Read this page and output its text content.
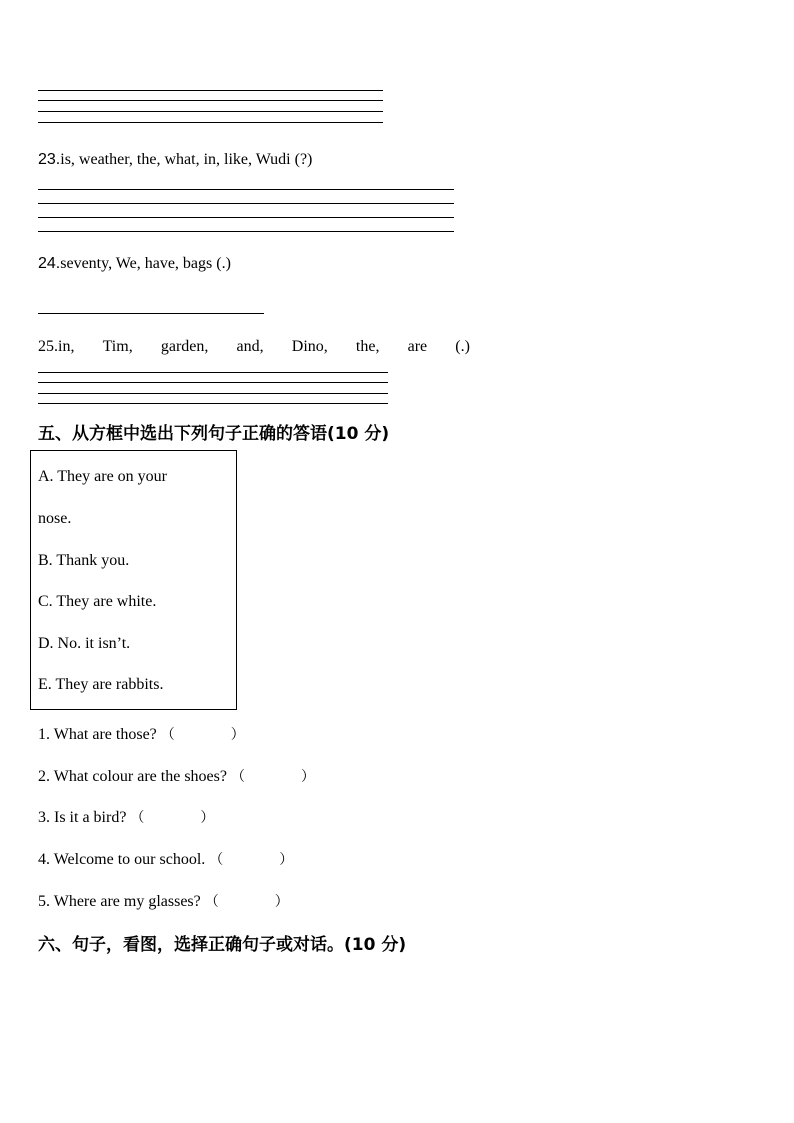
23.is, weather, the, what, in, like, Wudi (?)
24.seventy, We, have, bags (.)
25.in, Tim, garden, and, Dino, the, are (.)
五、从方框中选出下列句子正确的答语(10 分)
A. They are on your
nose.
B. Thank you.
C. They are white.
D. No. it isn’t.
E. They are rabbits.
1. What are those? （	）
2. What colour are the shoes? （	）
3. Is it a bird? （	）
4. Welcome to our school. （	）
5. Where are my glasses? （	）
六、句子，看图，选择正确句子或对话。(10 分)
